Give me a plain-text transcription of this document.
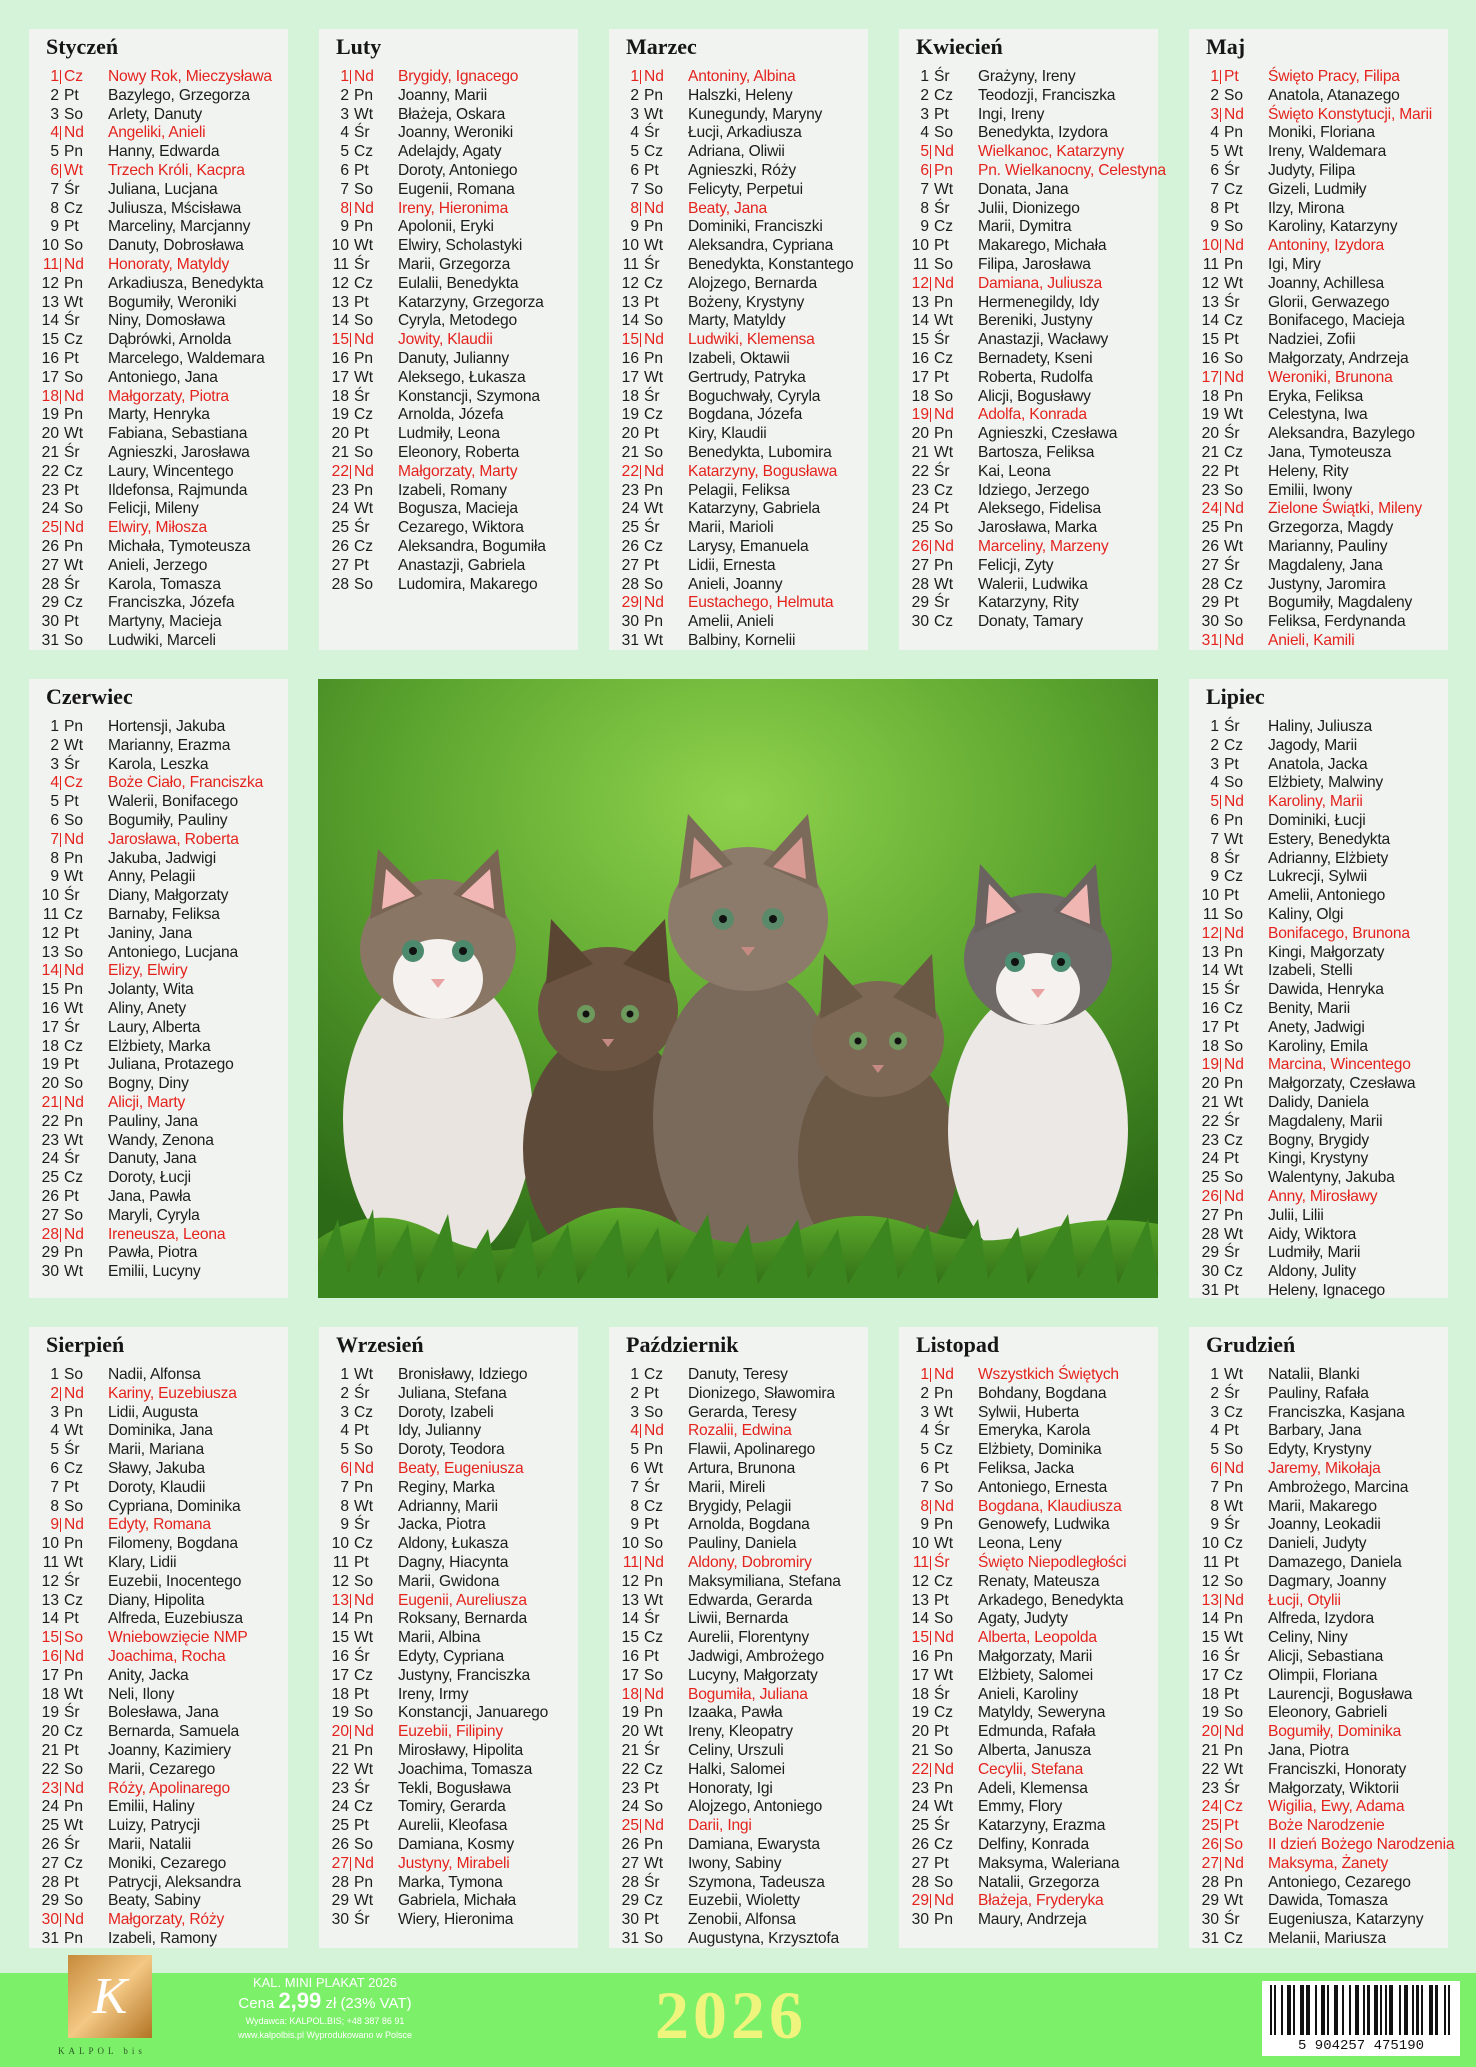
Styczeń
1 Cz Nowy Rok, Mieczysława
2 Pt Bazylego, Grzegorza
3 So Arlety, Danuty
4 Nd Angeliki, Anieli
5 Pn Hanny, Edwarda
6 Wt Trzech Króli, Kacpra
7 Śr Juliana, Lucjana
8 Cz Juliusza, Mścisława
9 Pt Marceliny, Marcjanny
10 So Danuty, Dobrosława
11 Nd Honoraty, Matyldy
12 Pn Arkadiusza, Benedykta
13 Wt Bogumiły, Weroniki
14 Śr Niny, Domosława
15 Cz Dąbrówki, Arnolda
16 Pt Marcelego, Waldemara
17 So Antoniego, Jana
18 Nd Małgorzaty, Piotra
19 Pn Marty, Henryka
20 Wt Fabiana, Sebastiana
21 Śr Agnieszki, Jarosława
22 Cz Laury, Wincentego
23 Pt Ildefonsa, Rajmunda
24 So Felicji, Mileny
25 Nd Elwiry, Miłosza
26 Pn Michała, Tymoteusza
27 Wt Anieli, Jerzego
28 Śr Karola, Tomasza
29 Cz Franciszka, Józefa
30 Pt Martyny, Macieja
31 So Ludwiki, Marceli
Luty
1 Nd Brygidy, Ignacego
2 Pn Joanny, Marii
3 Wt Błażeja, Oskara
4 Śr Joanny, Weroniki
5 Cz Adelajdy, Agaty
6 Pt Doroty, Antoniego
7 So Eugenii, Romana
8 Nd Ireny, Hieronima
9 Pn Apolonii, Eryki
10 Wt Elwiry, Scholastyki
11 Śr Marii, Grzegorza
12 Cz Eulalii, Benedykta
13 Pt Katarzyny, Grzegorza
14 So Cyryla, Metodego
15 Nd Jowity, Klaudii
16 Pn Danuty, Julianny
17 Wt Aleksego, Łukasza
18 Śr Konstancji, Szymona
19 Cz Arnolda, Józefa
20 Pt Ludmiły, Leona
21 So Eleonory, Roberta
22 Nd Małgorzaty, Marty
23 Pn Izabeli, Romany
24 Wt Bogusza, Macieja
25 Śr Cezarego, Wiktora
26 Cz Aleksandra, Bogumiła
27 Pt Anastazji, Gabriela
28 So Ludomira, Makarego
Marzec
1 Nd Antoniny, Albina
2 Pn Halszki, Heleny
3 Wt Kunegundy, Maryny
4 Śr Łucji, Arkadiusza
5 Cz Adriana, Oliwii
6 Pt Agnieszki, Róży
7 So Felicyty, Perpetui
8 Nd Beaty, Jana
9 Pn Dominiki, Franciszki
10 Wt Aleksandra, Cypriana
11 Śr Benedykta, Konstantego
12 Cz Alojzego, Bernarda
13 Pt Bożeny, Krystyny
14 So Marty, Matyldy
15 Nd Ludwiki, Klemensa
16 Pn Izabeli, Oktawii
17 Wt Gertrudy, Patryka
18 Śr Boguchwały, Cyryla
19 Cz Bogdana, Józefa
20 Pt Kiry, Klaudii
21 So Benedykta, Lubomira
22 Nd Katarzyny, Bogusława
23 Pn Pelagii, Feliksa
24 Wt Katarzyny, Gabriela
25 Śr Marii, Marioli
26 Cz Larysy, Emanuela
27 Pt Lidii, Ernesta
28 So Anieli, Joanny
29 Nd Eustachego, Helmuta
30 Pn Amelii, Anieli
31 Wt Balbiny, Kornelii
Kwiecień
1 Śr Grażyny, Ireny
2 Cz Teodozji, Franciszka
3 Pt Ingi, Ireny
4 So Benedykta, Izydora
5 Nd Wielkanoc, Katarzyny
6 Pn Pn. Wielkanocny, Celestyna
7 Wt Donata, Jana
8 Śr Julii, Dionizego
9 Cz Marii, Dymitra
10 Pt Makarego, Michała
11 So Filipa, Jarosława
12 Nd Damiana, Juliusza
13 Pn Hermenegildy, Idy
14 Wt Bereniki, Justyny
15 Śr Anastazji, Wacławy
16 Cz Bernadety, Kseni
17 Pt Roberta, Rudolfa
18 So Alicji, Bogusławy
19 Nd Adolfa, Konrada
20 Pn Agnieszki, Czesława
21 Wt Bartosza, Feliksa
22 Śr Kai, Leona
23 Cz Idziego, Jerzego
24 Pt Aleksego, Fidelisa
25 So Jarosława, Marka
26 Nd Marceliny, Marzeny
27 Pn Felicji, Zyty
28 Wt Walerii, Ludwika
29 Śr Katarzyny, Rity
30 Cz Donaty, Tamary
Maj
1 Pt Święto Pracy, Filipa
2 So Anatola, Atanazego
3 Nd Święto Konstytucji, Marii
4 Pn Moniki, Floriana
5 Wt Ireny, Waldemara
6 Śr Judyty, Filipa
7 Cz Gizeli, Ludmiły
8 Pt Ilzy, Mirona
9 So Karoliny, Katarzyny
10 Nd Antoniny, Izydora
11 Pn Igi, Miry
12 Wt Joanny, Achillesa
13 Śr Glorii, Gerwazego
14 Cz Bonifacego, Macieja
15 Pt Nadziei, Zofii
16 So Małgorzaty, Andrzeja
17 Nd Weroniki, Brunona
18 Pn Eryka, Feliksa
19 Wt Celestyna, Iwa
20 Śr Aleksandra, Bazylego
21 Cz Jana, Tymoteusza
22 Pt Heleny, Rity
23 So Emilii, Iwony
24 Nd Zielone Świątki, Mileny
25 Pn Grzegorza, Magdy
26 Wt Marianny, Pauliny
27 Śr Magdaleny, Jana
28 Cz Justyny, Jaromira
29 Pt Bogumiły, Magdaleny
30 So Feliksa, Ferdynanda
31 Nd Anieli, Kamili
Czerwiec
1 Pn Hortensji, Jakuba
2 Wt Marianny, Erazma
3 Śr Karola, Leszka
4 Cz Boże Ciało, Franciszka
5 Pt Walerii, Bonifacego
6 So Bogumiły, Pauliny
7 Nd Jarosława, Roberta
8 Pn Jakuba, Jadwigi
9 Wt Anny, Pelagii
10 Śr Diany, Małgorzaty
11 Cz Barnaby, Feliksa
12 Pt Janiny, Jana
13 So Antoniego, Lucjana
14 Nd Elizy, Elwiry
15 Pn Jolanty, Wita
16 Wt Aliny, Anety
17 Śr Laury, Alberta
18 Cz Elżbiety, Marka
19 Pt Juliana, Protazego
20 So Bogny, Diny
21 Nd Alicji, Marty
22 Pn Pauliny, Jana
23 Wt Wandy, Zenona
24 Śr Danuty, Jana
25 Cz Doroty, Łucji
26 Pt Jana, Pawła
27 So Maryli, Cyryla
28 Nd Ireneusza, Leona
29 Pn Pawła, Piotra
30 Wt Emilii, Lucyny
Lipiec
1 Śr Haliny, Juliusza
2 Cz Jagody, Marii
3 Pt Anatola, Jacka
4 So Elżbiety, Malwiny
5 Nd Karoliny, Marii
6 Pn Dominiki, Łucji
7 Wt Estery, Benedykta
8 Śr Adrianny, Elżbiety
9 Cz Lukrecji, Sylwii
10 Pt Amelii, Antoniego
11 So Kaliny, Olgi
12 Nd Bonifacego, Brunona
13 Pn Kingi, Małgorzaty
14 Wt Izabeli, Stelli
15 Śr Dawida, Henryka
16 Cz Benity, Marii
17 Pt Anety, Jadwigi
18 So Karoliny, Emila
19 Nd Marcina, Wincentego
20 Pn Małgorzaty, Czesława
21 Wt Dalidy, Daniela
22 Śr Magdaleny, Marii
23 Cz Bogny, Brygidy
24 Pt Kingi, Krystyny
25 So Walentyny, Jakuba
26 Nd Anny, Mirosławy
27 Pn Julii, Lilii
28 Wt Aidy, Wiktora
29 Śr Ludmiły, Marii
30 Cz Aldony, Julity
31 Pt Heleny, Ignacego
Sierpień
1 So Nadii, Alfonsa
2 Nd Kariny, Euzebiusza
3 Pn Lidii, Augusta
4 Wt Dominika, Jana
5 Śr Marii, Mariana
6 Cz Sławy, Jakuba
7 Pt Doroty, Klaudii
8 So Cypriana, Dominika
9 Nd Edyty, Romana
10 Pn Filomeny, Bogdana
11 Wt Klary, Lidii
12 Śr Euzebii, Inocentego
13 Cz Diany, Hipolita
14 Pt Alfreda, Euzebiusza
15 So Wniebowzięcie NMP
16 Nd Joachima, Rocha
17 Pn Anity, Jacka
18 Wt Neli, Ilony
19 Śr Bolesława, Jana
20 Cz Bernarda, Samuela
21 Pt Joanny, Kazimiery
22 So Marii, Cezarego
23 Nd Róży, Apolinarego
24 Pn Emilii, Haliny
25 Wt Luizy, Patrycji
26 Śr Marii, Natalii
27 Cz Moniki, Cezarego
28 Pt Patrycji, Aleksandra
29 So Beaty, Sabiny
30 Nd Małgorzaty, Róży
31 Pn Izabeli, Ramony
Wrzesień
1 Wt Bronisławy, Idziego
2 Śr Juliana, Stefana
3 Cz Doroty, Izabeli
4 Pt Idy, Julianny
5 So Doroty, Teodora
6 Nd Beaty, Eugeniusza
7 Pn Reginy, Marka
8 Wt Adrianny, Marii
9 Śr Jacka, Piotra
10 Cz Aldony, Łukasza
11 Pt Dagny, Hiacynta
12 So Marii, Gwidona
13 Nd Eugenii, Aureliusza
14 Pn Roksany, Bernarda
15 Wt Marii, Albina
16 Śr Edyty, Cypriana
17 Cz Justyny, Franciszka
18 Pt Ireny, Irmy
19 So Konstancji, Januarego
20 Nd Euzebii, Filipiny
21 Pn Mirosławy, Hipolita
22 Wt Joachima, Tomasza
23 Śr Tekli, Bogusława
24 Cz Tomiry, Gerarda
25 Pt Aurelii, Kleofasa
26 So Damiana, Kosmy
27 Nd Justyny, Mirabeli
28 Pn Marka, Tymona
29 Wt Gabriela, Michała
30 Śr Wiery, Hieronima
Październik
1 Cz Danuty, Teresy
2 Pt Dionizego, Sławomira
3 So Gerarda, Teresy
4 Nd Rozalii, Edwina
5 Pn Flawii, Apolinarego
6 Wt Artura, Brunona
7 Śr Marii, Mireli
8 Cz Brygidy, Pelagii
9 Pt Arnolda, Bogdana
10 So Pauliny, Daniela
11 Nd Aldony, Dobromiry
12 Pn Maksymiliana, Stefana
13 Wt Edwarda, Gerarda
14 Śr Liwii, Bernarda
15 Cz Aurelii, Florentyny
16 Pt Jadwigi, Ambrożego
17 So Lucyny, Małgorzaty
18 Nd Bogumiła, Juliana
19 Pn Izaaka, Pawła
20 Wt Ireny, Kleopatry
21 Śr Celiny, Urszuli
22 Cz Halki, Salomei
23 Pt Honoraty, Igi
24 So Alojzego, Antoniego
25 Nd Darii, Ingi
26 Pn Damiana, Ewarysta
27 Wt Iwony, Sabiny
28 Śr Szymona, Tadeusza
29 Cz Euzebii, Wioletty
30 Pt Zenobii, Alfonsa
31 So Augustyna, Krzysztofa
Listopad
1 Nd Wszystkich Świętych
2 Pn Bohdany, Bogdana
3 Wt Sylwii, Huberta
4 Śr Emeryka, Karola
5 Cz Elżbiety, Dominika
6 Pt Feliksa, Jacka
7 So Antoniego, Ernesta
8 Nd Bogdana, Klaudiusza
9 Pn Genowefy, Ludwika
10 Wt Leona, Leny
11 Śr Święto Niepodległości
12 Cz Renaty, Mateusza
13 Pt Arkadego, Benedykta
14 So Agaty, Judyty
15 Nd Alberta, Leopolda
16 Pn Małgorzaty, Marii
17 Wt Elżbiety, Salomei
18 Śr Anieli, Karoliny
19 Cz Matyldy, Seweryna
20 Pt Edmunda, Rafała
21 So Alberta, Janusza
22 Nd Cecylii, Stefana
23 Pn Adeli, Klemensa
24 Wt Emmy, Flory
25 Śr Katarzyny, Erazma
26 Cz Delfiny, Konrada
27 Pt Maksyma, Waleriana
28 So Natalii, Grzegorza
29 Nd Błażeja, Fryderyka
30 Pn Maury, Andrzeja
Grudzień
1 Wt Natalii, Blanki
2 Śr Pauliny, Rafała
3 Cz Franciszka, Kasjana
4 Pt Barbary, Jana
5 So Edyty, Krystyny
6 Nd Jaremy, Mikołaja
7 Pn Ambrożego, Marcina
8 Wt Marii, Makarego
9 Śr Joanny, Leokadii
10 Cz Danieli, Judyty
11 Pt Damazego, Daniela
12 So Dagmary, Joanny
13 Nd Łucji, Otylii
14 Pn Alfreda, Izydora
15 Wt Celiny, Niny
16 Śr Alicji, Sebastiana
17 Cz Olimpii, Floriana
18 Pt Laurencji, Bogusława
19 So Eleonory, Gabrieli
20 Nd Bogumiły, Dominika
21 Pn Jana, Piotra
22 Wt Franciszki, Honoraty
23 Śr Małgorzaty, Wiktorii
24 Cz Wigilia, Ewy, Adama
25 Pt Boże Narodzenie
26 So II dzień Bożego Narodzenia
27 Nd Maksyma, Żanety
28 Pn Antoniego, Cezarego
29 Wt Dawida, Tomasza
30 Śr Eugeniusza, Katarzyny
31 Cz Melanii, Mariusza
K
KALPOL bis
KAL. MINI PLAKAT 2026
Cena 2,99 zł (23% VAT)
Wydawca: KALPOL.BIS; +48 387 86 91
www.kalpolbis.pl Wyprodukowano w Polsce	2026	5 904257 475190
